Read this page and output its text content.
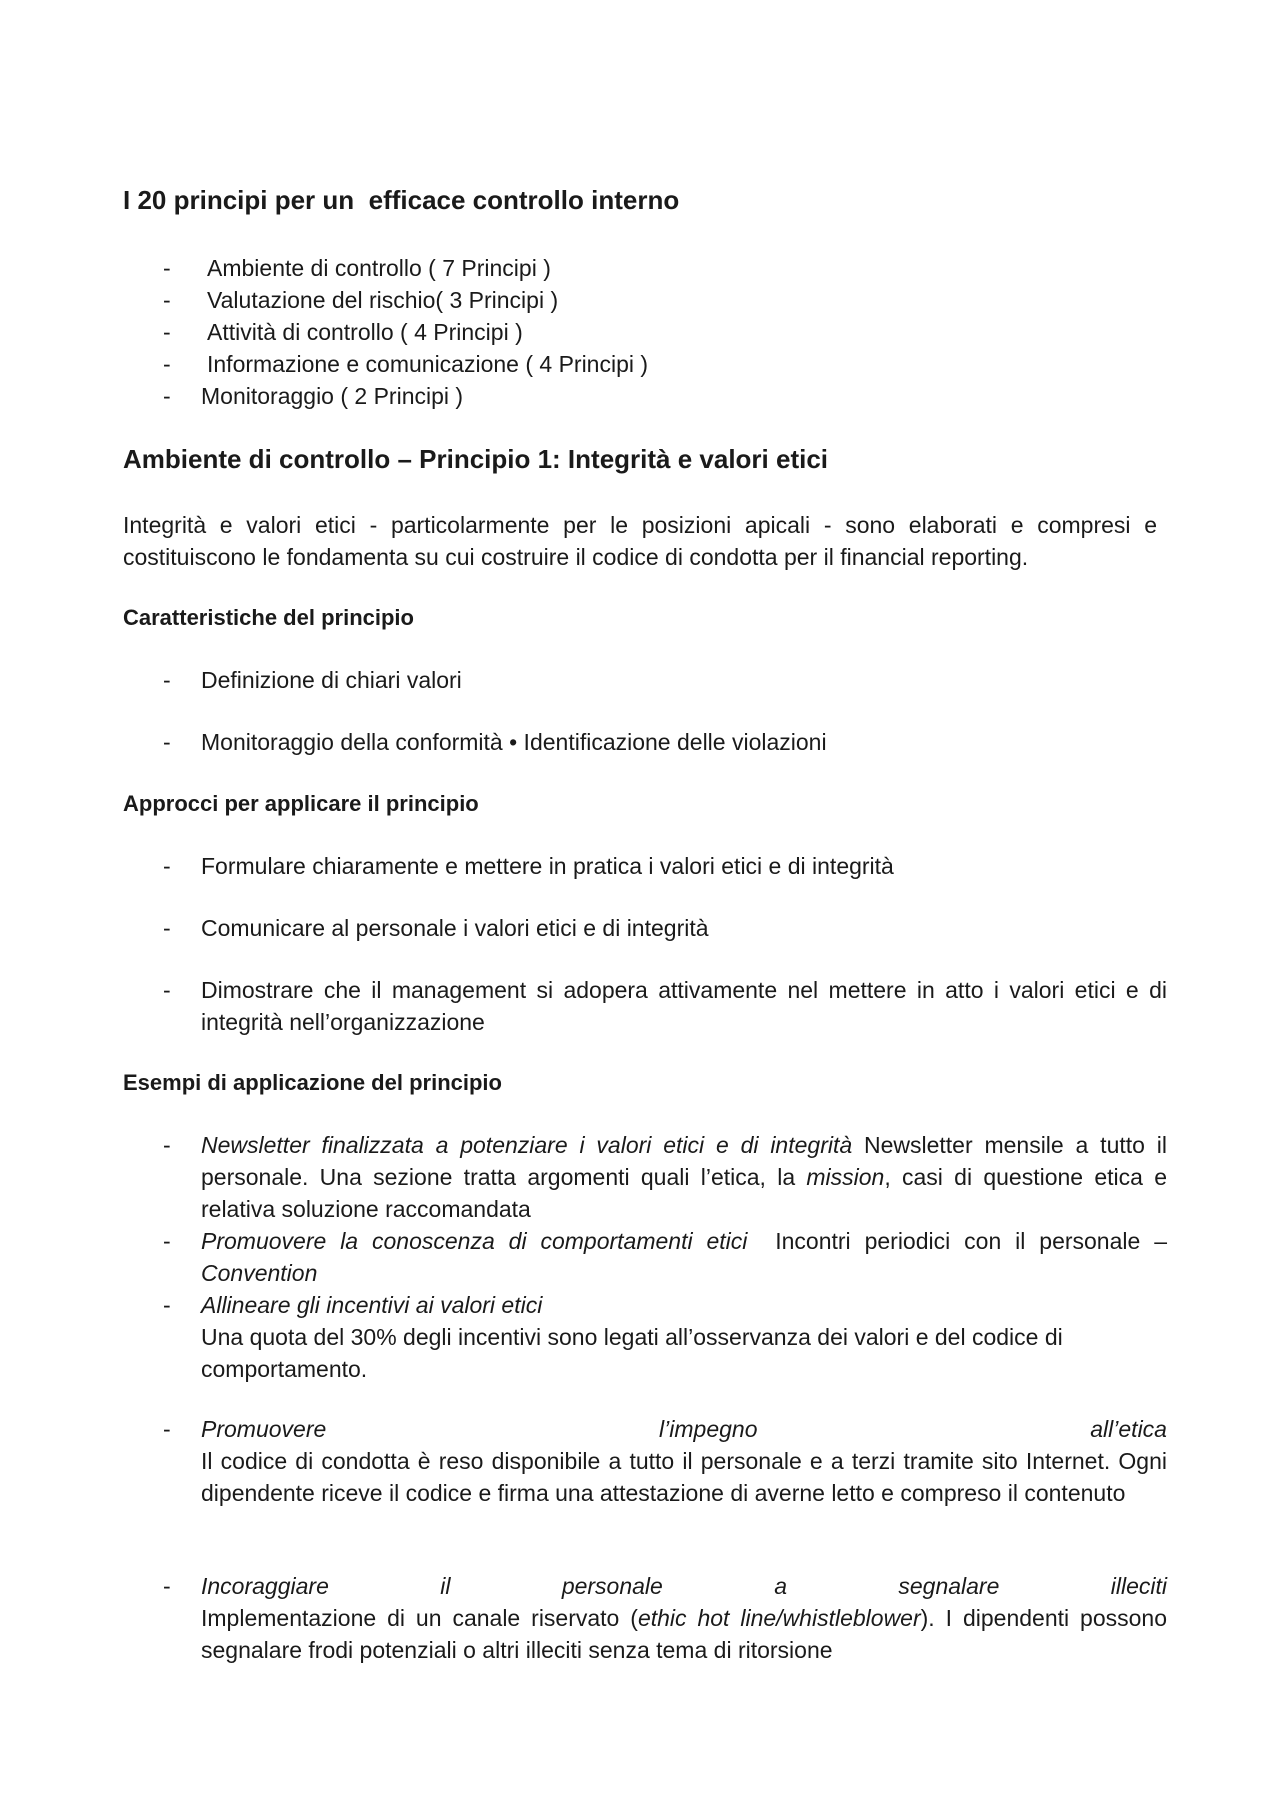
I 20 principi per un  efficace controllo interno

- Ambiente di controllo ( 7 Principi )
- Valutazione del rischio( 3 Principi )
- Attività di controllo ( 4 Principi )
- Informazione e comunicazione ( 4 Principi )
- Monitoraggio ( 2 Principi )

Ambiente di controllo – Principio 1: Integrità e valori etici

Integrità e valori etici - particolarmente per le posizioni apicali - sono elaborati e compresi e costituiscono le fondamenta su cui costruire il codice di condotta per il financial reporting.

Caratteristiche del principio

- Definizione di chiari valori
- Monitoraggio della conformità • Identificazione delle violazioni

Approcci per applicare il principio

- Formulare chiaramente e mettere in pratica i valori etici e di integrità
- Comunicare al personale i valori etici e di integrità
- Dimostrare che il management si adopera attivamente nel mettere in atto i valori etici e di integrità nell’organizzazione

Esempi di applicazione del principio

- Newsletter finalizzata a potenziare i valori etici e di integrità Newsletter mensile a tutto il personale. Una sezione tratta argomenti quali l’etica, la mission, casi di questione etica e relativa soluzione raccomandata
- Promuovere la conoscenza di comportamenti etici  Incontri periodici con il personale – Convention
- Allineare gli incentivi ai valori etici
Una quota del 30% degli incentivi sono legati all’osservanza dei valori e del codice di comportamento.
- Promuovere	l’impegno	all’etica
Il codice di condotta è reso disponibile a tutto il personale e a terzi tramite sito Internet. Ogni dipendente riceve il codice e firma una attestazione di averne letto e compreso il contenuto
- Incoraggiare	il	personale	a	segnalare	illeciti
Implementazione di un canale riservato (ethic hot line/whistleblower). I dipendenti possono segnalare frodi potenziali o altri illeciti senza tema di ritorsione
